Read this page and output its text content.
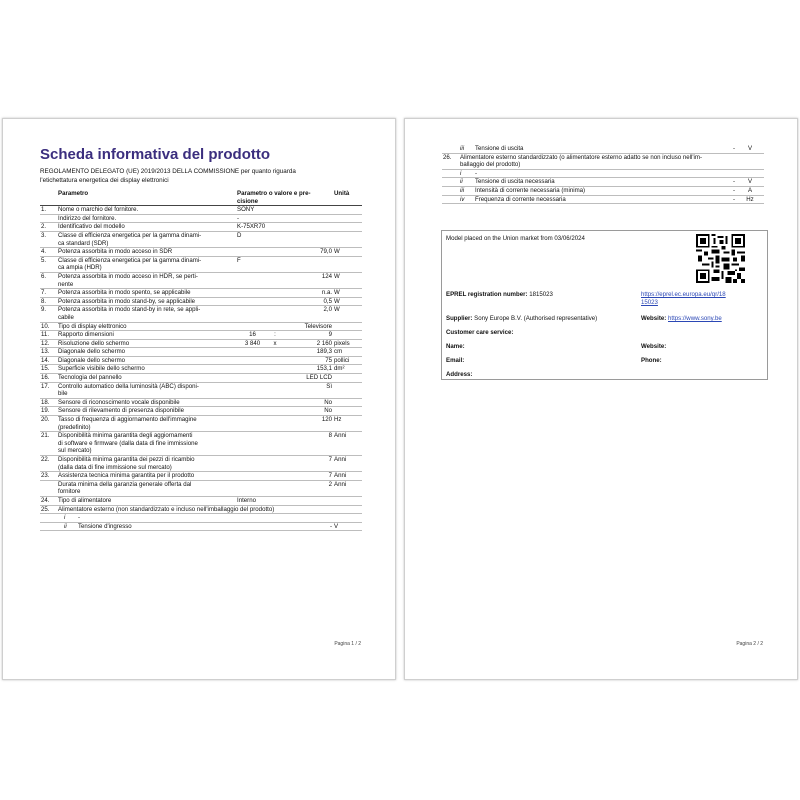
Scheda informativa del prodotto
REGOLAMENTO DELEGATO (UE) 2019/2013 DELLA COMMISSIONE per quanto riguarda
l'etichettatura energetica dei display elettronici
	Parametro	Parametro o valore e pre-
cisione			Unità
1.	Nome o marchio del fornitore.	SONY			

	Indirizzo del fornitore.	-			
2.	Identificativo del modello	K-75XR70			
3.	Classe di efficienza energetica per la gamma dinami-
ca standard (SDR)	D			
4.	Potenza assorbita in modo acceso in SDR	79,0			W
5.	Classe di efficienza energetica per la gamma dinami-
ca ampia (HDR)	F			
6.	Potenza assorbita in modo acceso in HDR, se perti-
nente	124			W
7.	Potenza assorbita in modo spento, se applicabile	n.a.			W
8.	Potenza assorbita in modo stand-by, se applicabile	0,5			W
9.	Potenza assorbita in modo stand-by in rete, se appli-
cabile	2,0			W
10.	Tipo di display elettronico	Televisore			
11.	Rapporto dimensioni	16	:	9	
12.	Risoluzione dello schermo	3 840	x	2 160	pixels
13.	Diagonale dello schermo	189,3			cm
14.	Diagonale dello schermo	75			pollici
15.	Superficie visibile dello schermo	153,1			dm²
16.	Tecnologia del pannello	LED LCD			
17.	Controllo automatico della luminosità (ABC) disponi-
bile	Sì			
18.	Sensore di riconoscimento vocale disponibile	No			
19.	Sensore di rilevamento di presenza disponibile	No			
20.	Tasso di frequenza di aggiornamento dell'immagine
(predefinito)	120			Hz
21.	Disponibilità minima garantita degli aggiornamenti
di software e firmware (dalla data di fine immissione
sul mercato)	8			Anni
22.	Disponibilità minima garantita dei pezzi di ricambio
(dalla data di fine immissione sul mercato)	7			Anni
23.	Assistenza tecnica minima garantita per il prodotto	7			Anni

	Durata minima della garanzia generale offerta dal
fornitore	2			Anni
24.	Tipo di alimentatore	Interno			
25.	Alimentatore esterno (non standardizzato e incluso nell'imballaggio del prodotto)				
	i -				
	ii Tensione d'ingresso			-	V
Pagina 1 / 2
	iii	Tensione di uscita	-	V
26.	Alimentatore esterno standardizzato (o alimentatore esterno adatto se non incluso nell'im-
ballaggio del prodotto)			

	i	-		
	ii	Tensione di uscita necessaria	-	V
	iii	Intensità di corrente necessaria (minima)	-	A
	iv	Frequenza di corrente necessaria	-	Hz
Model placed on the Union market from 03/06/2024
EPREL registration number: 1815023	https://eprel.ec.europa.eu/qr/18
15023
Supplier: Sony Europe B.V. (Authorised representative)	Website: https://www.sony.be
Customer care service:
Name:	Website:
Email:	Phone:
Address:
Pagina 2 / 2
